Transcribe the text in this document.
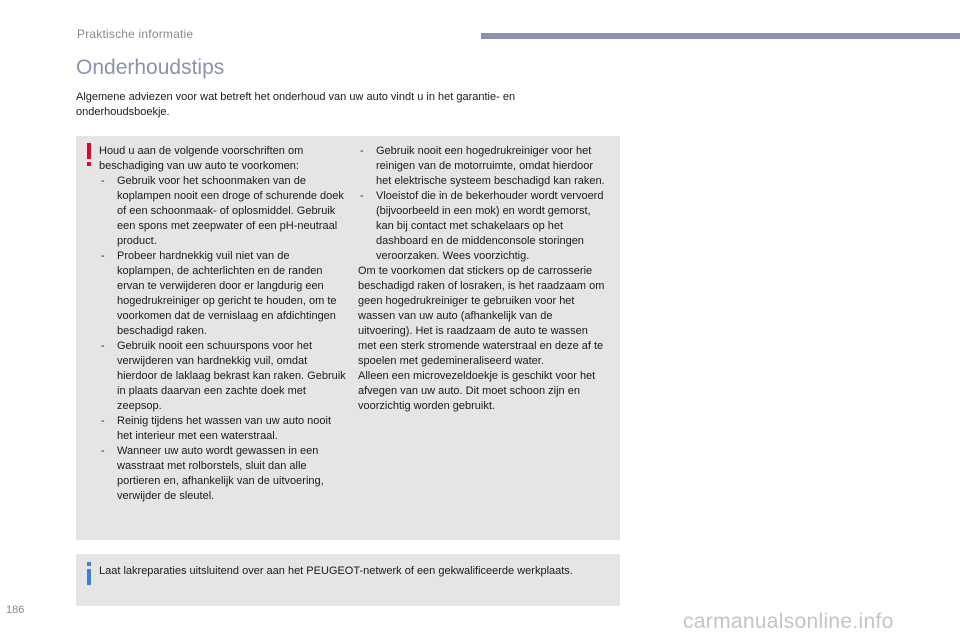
Praktische informatie
Onderhoudstips
Algemene adviezen voor wat betreft het onderhoud van uw auto vindt u in het garantie- en onderhoudsboekje.

Houd u aan de volgende voorschriften om beschadiging van uw auto te voorkomen:

- Gebruik voor het schoonmaken van de koplampen nooit een droge of schurende doek of een schoonmaak- of oplosmiddel. Gebruik een spons met zeepwater of een pH-neutraal product.
- Probeer hardnekkig vuil niet van de koplampen, de achterlichten en de randen ervan te verwijderen door er langdurig een hogedrukreiniger op gericht te houden, om te voorkomen dat de vernislaag en afdichtingen beschadigd raken.
- Gebruik nooit een schuurspons voor het verwijderen van hardnekkig vuil, omdat hierdoor de laklaag bekrast kan raken. Gebruik in plaats daarvan een zachte doek met zeepsop.
- Reinig tijdens het wassen van uw auto nooit het interieur met een waterstraal.
- Wanneer uw auto wordt gewassen in een wasstraat met rolborstels, sluit dan alle portieren en, afhankelijk van de uitvoering, verwijder de sleutel.
- Gebruik nooit een hogedrukreiniger voor het reinigen van de motorruimte, omdat hierdoor het elektrische systeem beschadigd kan raken.
- Vloeistof die in de bekerhouder wordt vervoerd (bijvoorbeeld in een mok) en wordt gemorst, kan bij contact met schakelaars op het dashboard en de middenconsole storingen veroorzaken. Wees voorzichtig.

Om te voorkomen dat stickers op de carrosserie beschadigd raken of losraken, is het raadzaam om geen hogedrukreiniger te gebruiken voor het wassen van uw auto (afhankelijk van de uitvoering). Het is raadzaam de auto te wassen met een sterk stromende waterstraal en deze af te spoelen met gedemineraliseerd water.

Alleen een microvezeldoekje is geschikt voor het afvegen van uw auto. Dit moet schoon zijn en voorzichtig worden gebruikt.

Laat lakreparaties uitsluitend over aan het PEUGEOT-netwerk of een gekwalificeerde werkplaats.
186	carmanualsonline.info
